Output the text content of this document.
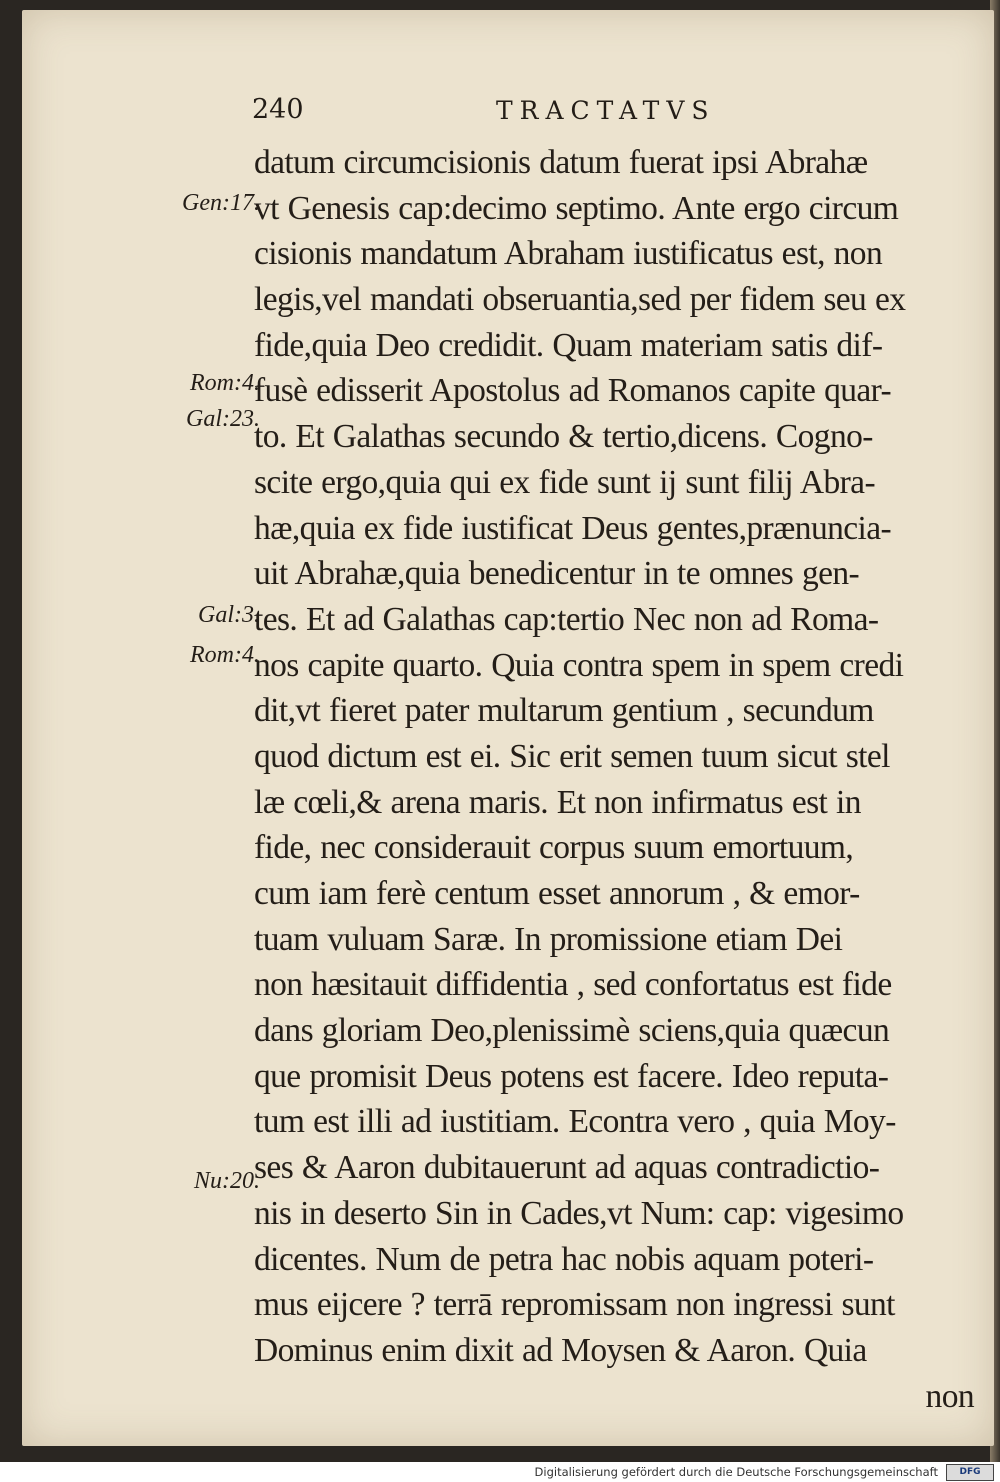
240	TRACTATVS
Gen:17.
Rom:4.
Gal:23.
Gal:3.
Rom:4.
Nu:20.
datum circumcisionis datum fuerat ipsi Abrahæ
vt Genesis cap:decimo septimo. Ante ergo circum
cisionis mandatum Abraham iustificatus est, non
legis,vel mandati obseruantia,sed per fidem seu ex
fide,quia Deo credidit. Quam materiam satis dif-
fusè edisserit Apostolus ad Romanos capite quar-
to. Et Galathas secundo & tertio,dicens. Cogno-
scite ergo,quia qui ex fide sunt ij sunt filij Abra-
hæ,quia ex fide iustificat Deus gentes,prænuncia-
uit Abrahæ,quia benedicentur in te omnes gen-
tes. Et ad Galathas cap:tertio Nec non ad Roma-
nos capite quarto. Quia contra spem in spem credi
dit,vt fieret pater multarum gentium , secundum
quod dictum est ei. Sic erit semen tuum sicut stel
læ cœli,& arena maris. Et non infirmatus est in
fide, nec considerauit corpus suum emortuum,
cum iam ferè centum esset annorum , & emor-
tuam vuluam Saræ. In promissione etiam Dei
non hæsitauit diffidentia , sed confortatus est fide
dans gloriam Deo,plenissimè sciens,quia quæcun
que promisit Deus potens est facere. Ideo reputa-
tum est illi ad iustitiam. Econtra vero , quia Moy-
ses & Aaron dubitauerunt ad aquas contradictio-
nis in deserto Sin in Cades,vt Num: cap: vigesimo
dicentes. Num de petra hac nobis aquam poteri-
mus eijcere ? terrā repromissam non ingressi sunt
Dominus enim dixit ad Moysen & Aaron. Quia
non
Digitalisierung gefördert durch die Deutsche Forschungsgemeinschaft	DFG
